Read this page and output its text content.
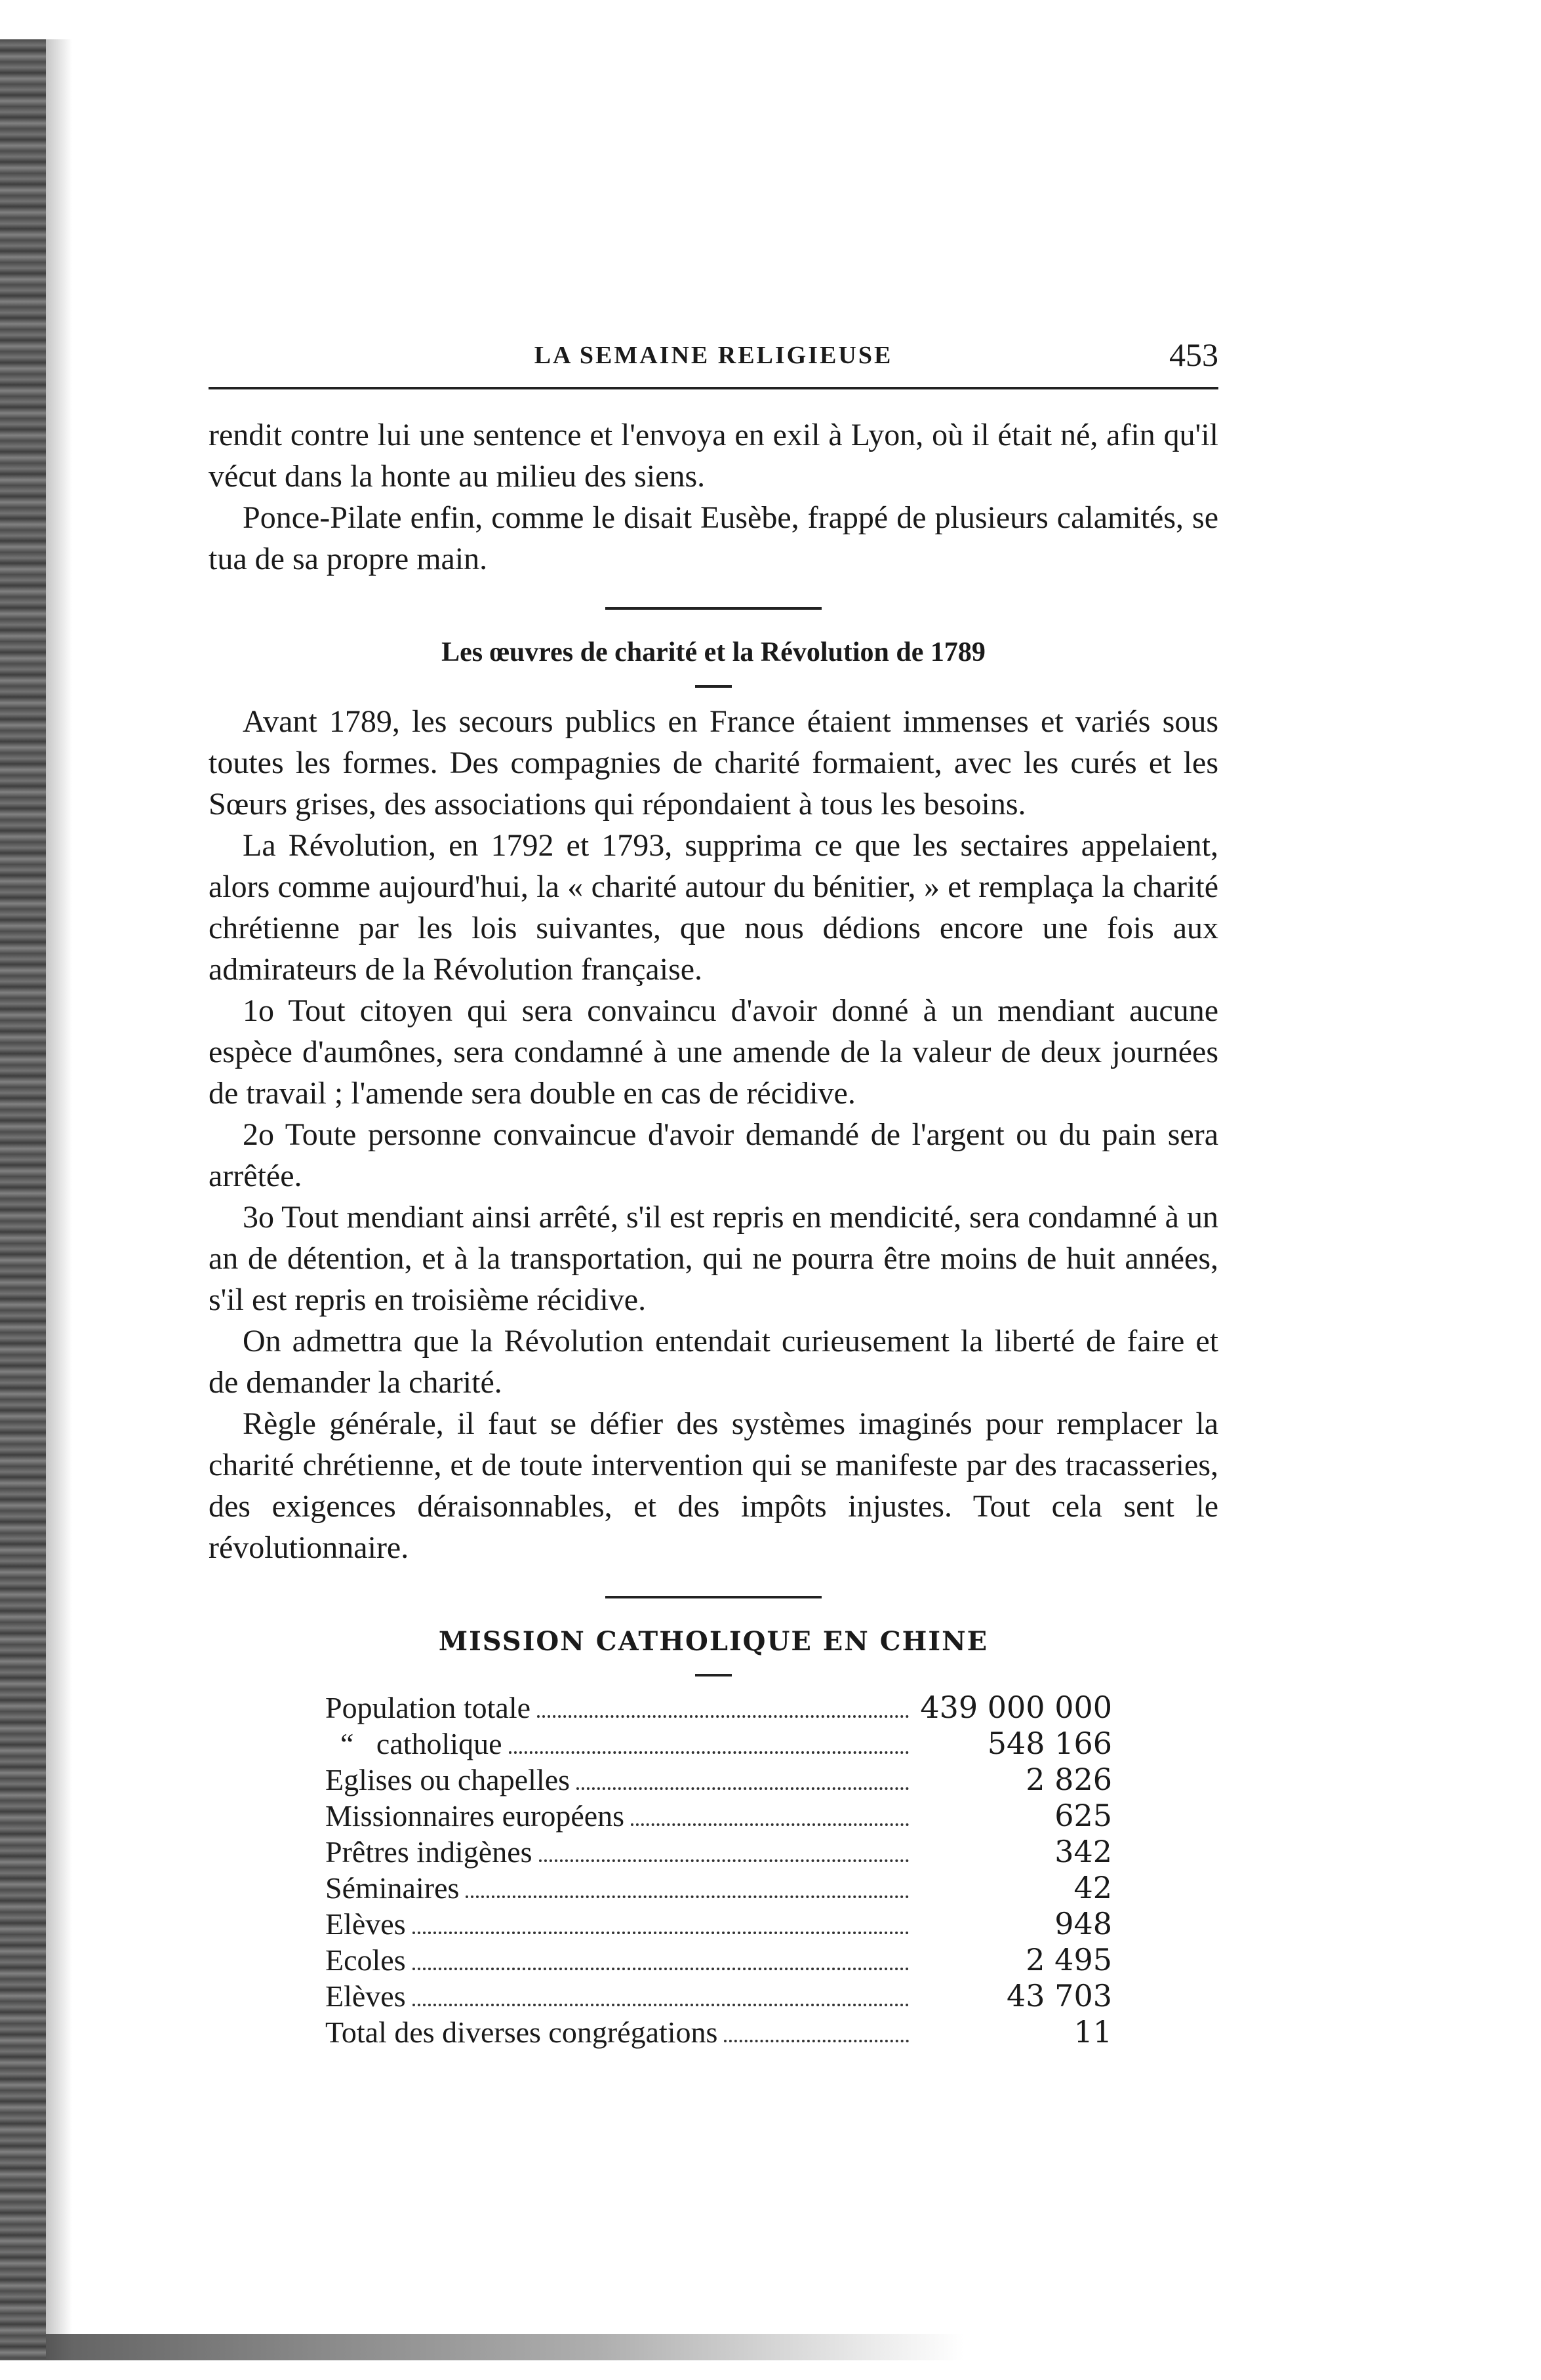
LA SEMAINE RELIGIEUSE	453

rendit contre lui une sentence et l'envoya en exil à Lyon, où il était né, afin qu'il vécut dans la honte au milieu des siens.

Ponce-Pilate enfin, comme le disait Eusèbe, frappé de plusieurs calamités, se tua de sa propre main.

Les œuvres de charité et la Révolution de 1789

Avant 1789, les secours publics en France étaient immenses et variés sous toutes les formes. Des compagnies de charité formaient, avec les curés et les Sœurs grises, des associations qui répondaient à tous les besoins.

La Révolution, en 1792 et 1793, supprima ce que les sectaires appelaient, alors comme aujourd'hui, la « charité autour du bénitier, » et remplaça la charité chrétienne par les lois suivantes, que nous dédions encore une fois aux admirateurs de la Révolution française.

1o Tout citoyen qui sera convaincu d'avoir donné à un mendiant aucune espèce d'aumônes, sera condamné à une amende de la valeur de deux journées de travail ; l'amende sera double en cas de récidive.

2o Toute personne convaincue d'avoir demandé de l'argent ou du pain sera arrêtée.

3o Tout mendiant ainsi arrêté, s'il est repris en mendicité, sera condamné à un an de détention, et à la transportation, qui ne pourra être moins de huit années, s'il est repris en troisième récidive.

On admettra que la Révolution entendait curieusement la liberté de faire et de demander la charité.

Règle générale, il faut se défier des systèmes imaginés pour remplacer la charité chrétienne, et de toute intervention qui se manifeste par des tracasseries, des exigences déraisonnables, et des impôts injustes. Tout cela sent le révolutionnaire.

MISSION CATHOLIQUE EN CHINE

Population totale	439 000 000
“   catholique	548 166
Eglises ou chapelles	2 826
Missionnaires européens	625
Prêtres indigènes	342
Séminaires	42
Elèves	948
Ecoles	2 495
Elèves	43 703
Total des diverses congrégations	11
